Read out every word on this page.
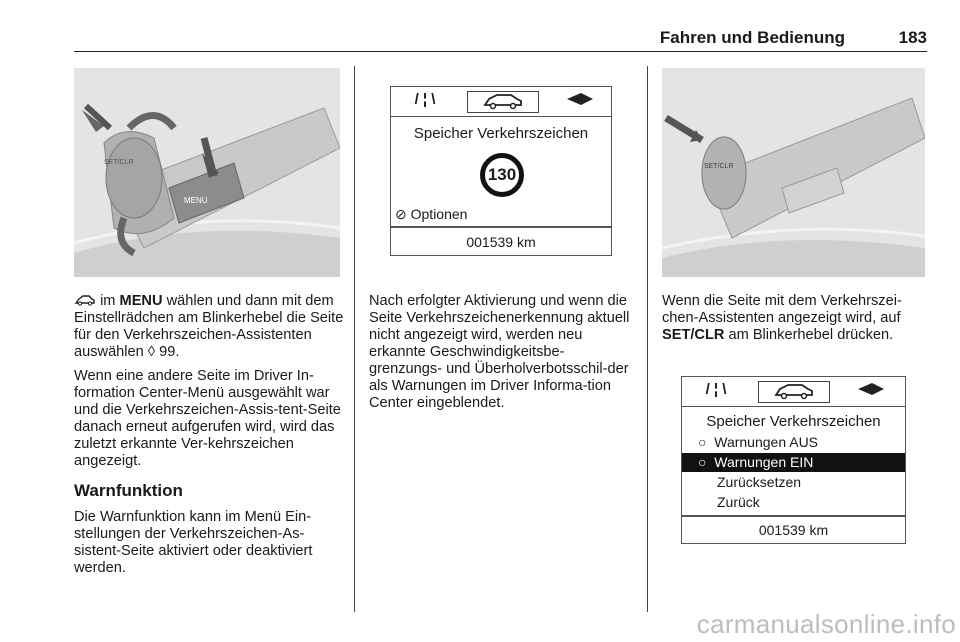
Fahren und Bedienung	183
MENU
SET/CLR
/ ¦ \
Speicher Verkehrszeichen
130
⊘ Optionen
001539 km
SET/CLR
/ ¦ \
Speicher Verkehrszeichen
○ Warnungen AUS
○ Warnungen EIN
Zurücksetzen
Zurück
001539 km

im MENU wählen und dann mit dem Einstellrädchen am Blinkerhebel die Seite für den Verkehrszeichen-Assistenten auswählen ◊ 99.

Wenn eine andere Seite im Driver In-formation Center-Menü ausgewählt war und die Verkehrszeichen-Assis-tent-Seite danach erneut aufgerufen wird, wird das zuletzt erkannte Ver-kehrszeichen angezeigt.

Warnfunktion

Die Warnfunktion kann im Menü Ein-stellungen der Verkehrszeichen-As-sistent-Seite aktiviert oder deaktiviert werden.

Nach erfolgter Aktivierung und wenn die Seite Verkehrszeichenerkennung aktuell nicht angezeigt wird, werden neu erkannte Geschwindigkeitsbe-grenzungs- und Überholverbotsschil-der als Warnungen im Driver Informa-tion Center eingeblendet.

Wenn die Seite mit dem Verkehrszei-chen-Assistenten angezeigt wird, auf SET/CLR am Blinkerhebel drücken.

carmanualsonline.info
